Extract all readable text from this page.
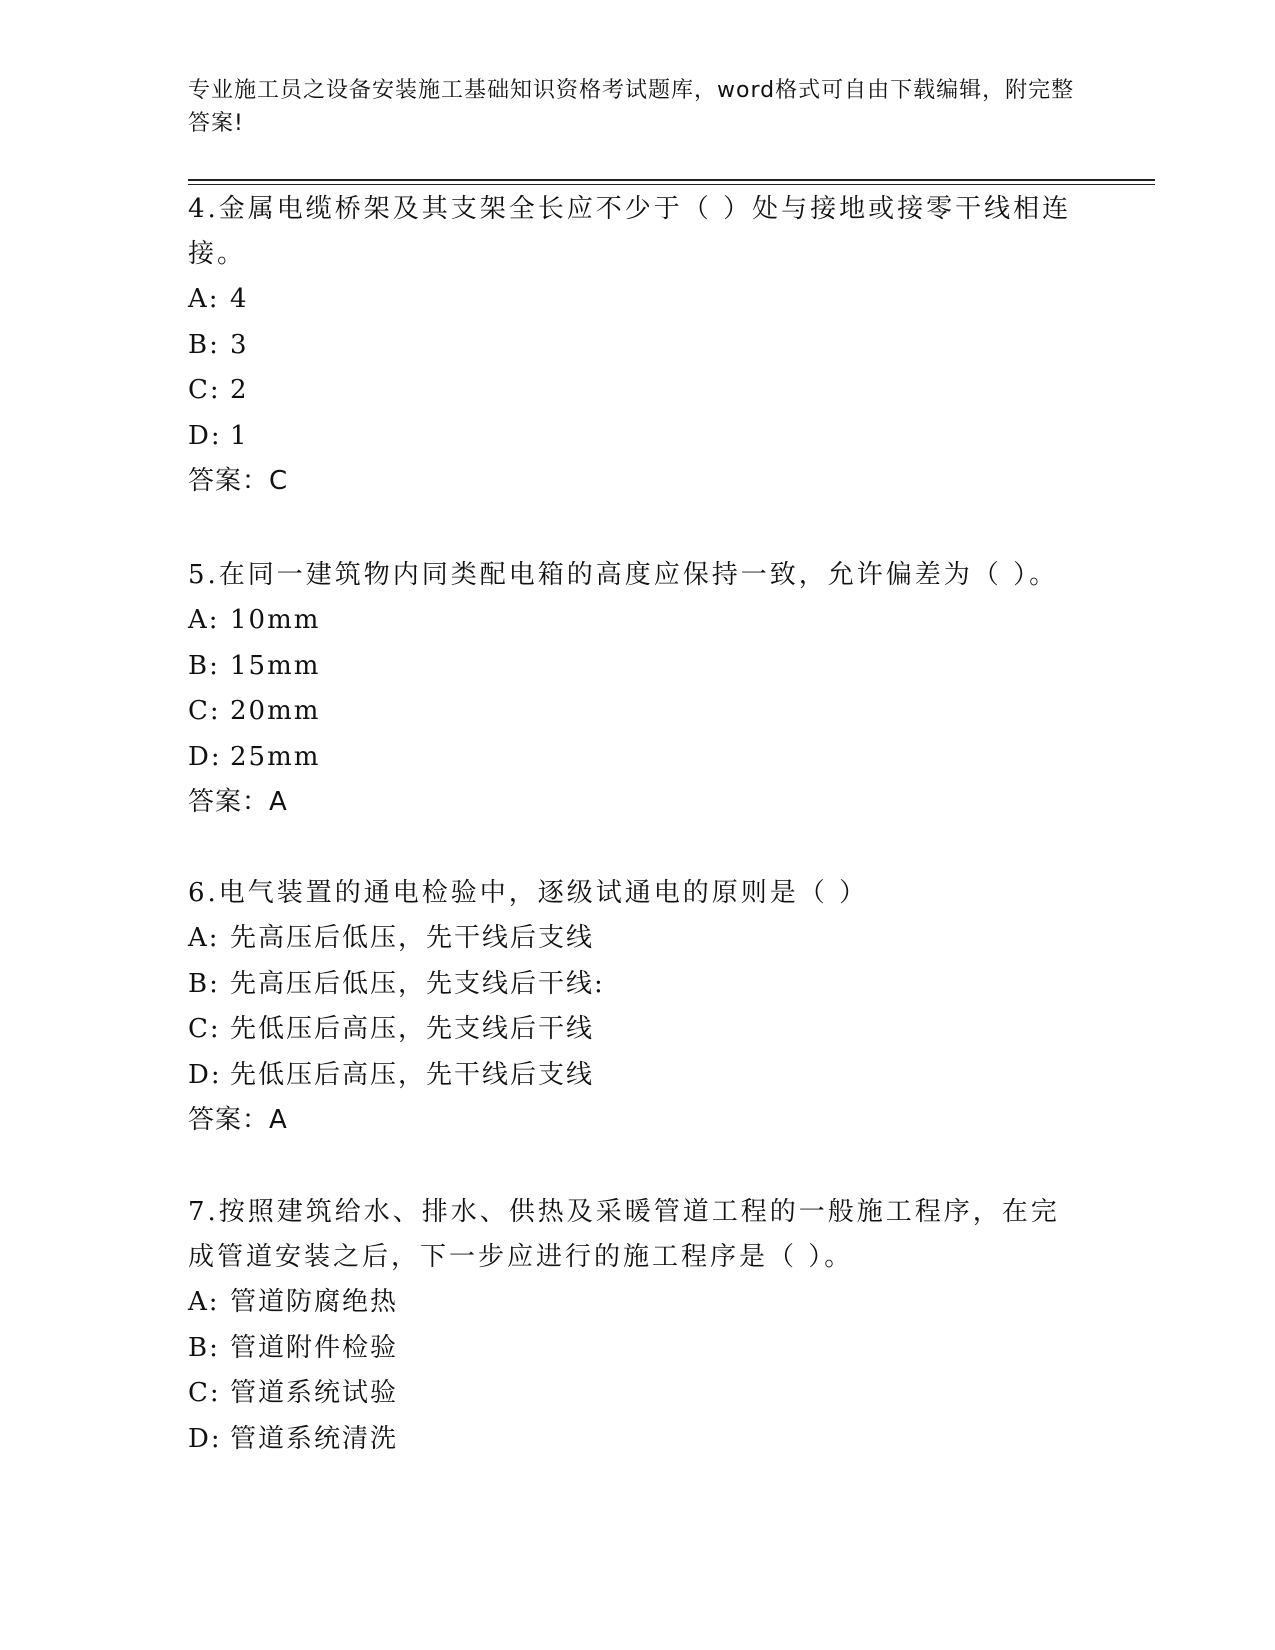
专业施工员之设备安装施工基础知识资格考试题库，word格式可自由下载编辑，附完整答案!
4.金属电缆桥架及其支架全长应不少于（ ）处与接地或接零干线相连接。
A: 4
B: 3
C: 2
D: 1
答案：C
5.在同一建筑物内同类配电箱的高度应保持一致，允许偏差为（ ）。
A: 10mm
B: 15mm
C: 20mm
D: 25mm
答案：A
6.电气装置的通电检验中，逐级试通电的原则是（ ）
A: 先高压后低压，先干线后支线
B: 先高压后低压，先支线后干线:
C: 先低压后高压，先支线后干线
D: 先低压后高压，先干线后支线
答案：A
7.按照建筑给水、排水、供热及采暖管道工程的一般施工程序，在完成管道安装之后，下一步应进行的施工程序是（ ）。
A: 管道防腐绝热
B: 管道附件检验
C: 管道系统试验
D: 管道系统清洗
